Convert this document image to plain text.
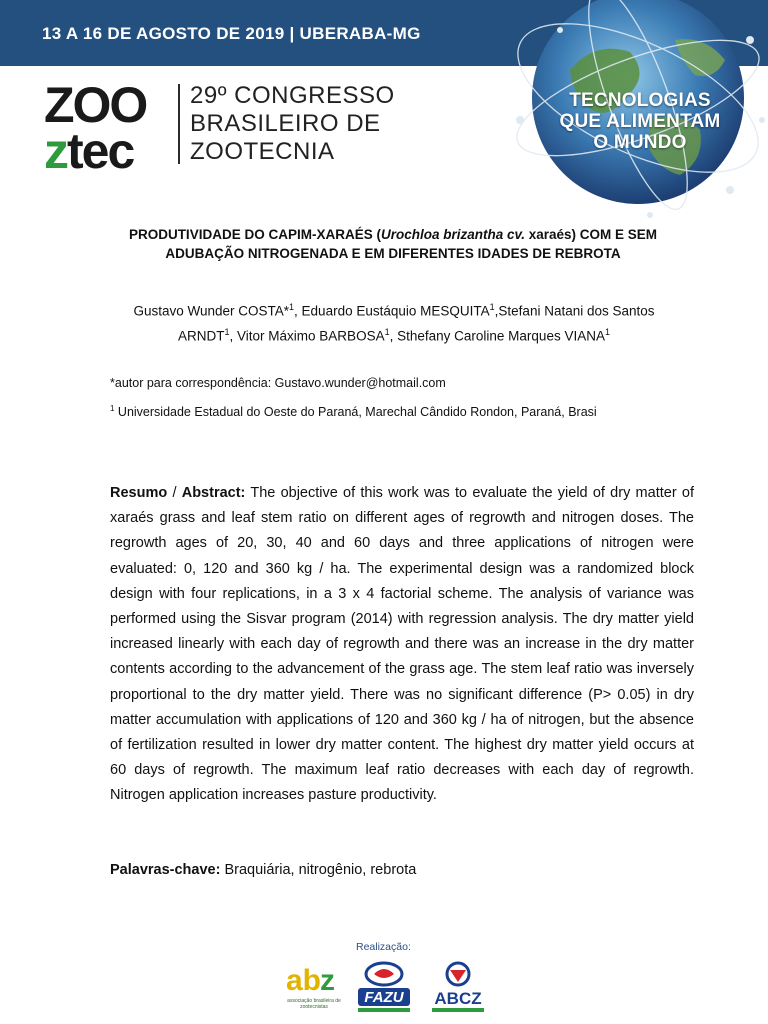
13 A 16 DE AGOSTO DE 2019 | UBERABA-MG
TECNOLOGIAS
QUE ALIMENTAM
O MUNDO
ZOO
ztec
29º CONGRESSO
BRASILEIRO DE
ZOOTECNIA
PRODUTIVIDADE DO CAPIM-XARAÉS (Urochloa brizantha cv. xaraés) COM E SEM ADUBAÇÃO NITROGENADA E EM DIFERENTES IDADES DE REBROTA
Gustavo Wunder COSTA*$^1$, Eduardo Eustáquio MESQUITA$^1$,Stefani Natani dos Santos ARNDT$^1$, Vitor Máximo BARBOSA$^1$, Sthefany Caroline Marques VIANA$^1$
*autor para correspondência: Gustavo.wunder@hotmail.com
$^1$ Universidade Estadual do Oeste do Paraná, Marechal Cândido Rondon, Paraná, Brasi
Resumo / Abstract: The objective of this work was to evaluate the yield of dry matter of xaraés grass and leaf stem ratio on different ages of regrowth and nitrogen doses. The regrowth ages of 20, 30, 40 and 60 days and three applications of nitrogen were evaluated: 0, 120 and 360 kg / ha. The experimental design was a randomized block design with four replications, in a 3 x 4 factorial scheme. The analysis of variance was performed using the Sisvar program (2014) with regression analysis. The dry matter yield increased linearly with each day of regrowth and there was an increase in the dry matter contents according to the advancement of the grass age. The stem leaf ratio was inversely proportional to the dry matter yield. There was no significant difference (P> 0.05) in dry matter accumulation with applications of 120 and 360 kg / ha of nitrogen, but the absence of fertilization resulted in lower dry matter content. The highest dry matter yield occurs at 60 days of regrowth. The maximum leaf ratio decreases with each day of regrowth. Nitrogen application increases pasture productivity.
Palavras-chave: Braquiária, nitrogênio, rebrota
Realização:
ab
z
associação brasileira de zootecnistas
FAZU ABCZ
